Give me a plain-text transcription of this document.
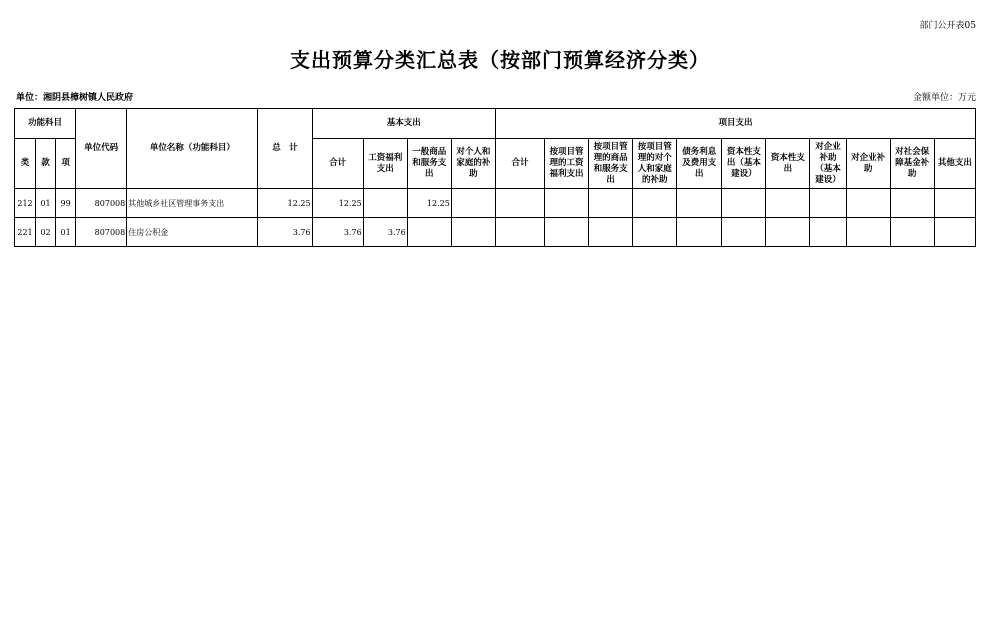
部门公开表05
支出预算分类汇总表（按部门预算经济分类）
单位：湘阴县樟树镇人民政府	金额单位：万元
功能科目			单位代码	单位名称（功能科目）	总　计	基本支出				项目支出										
类	款	项				合计	工资福利支出	一般商品和服务支出	对个人和家庭的补助	合计	按项目管理的工资福利支出	按项目管理的商品和服务支出	按项目管理的对个人和家庭的补助	债务利息及费用支出	资本性支出（基本建设）	资本性支出	对企业补助（基本建设）	对企业补助	对社会保障基金补助	其他支出
212	01	99	807008	其他城乡社区管理事务支出	12.25	12.25		12.25												
221	02	01	807008	住房公积金	3.76	3.76	3.76													
